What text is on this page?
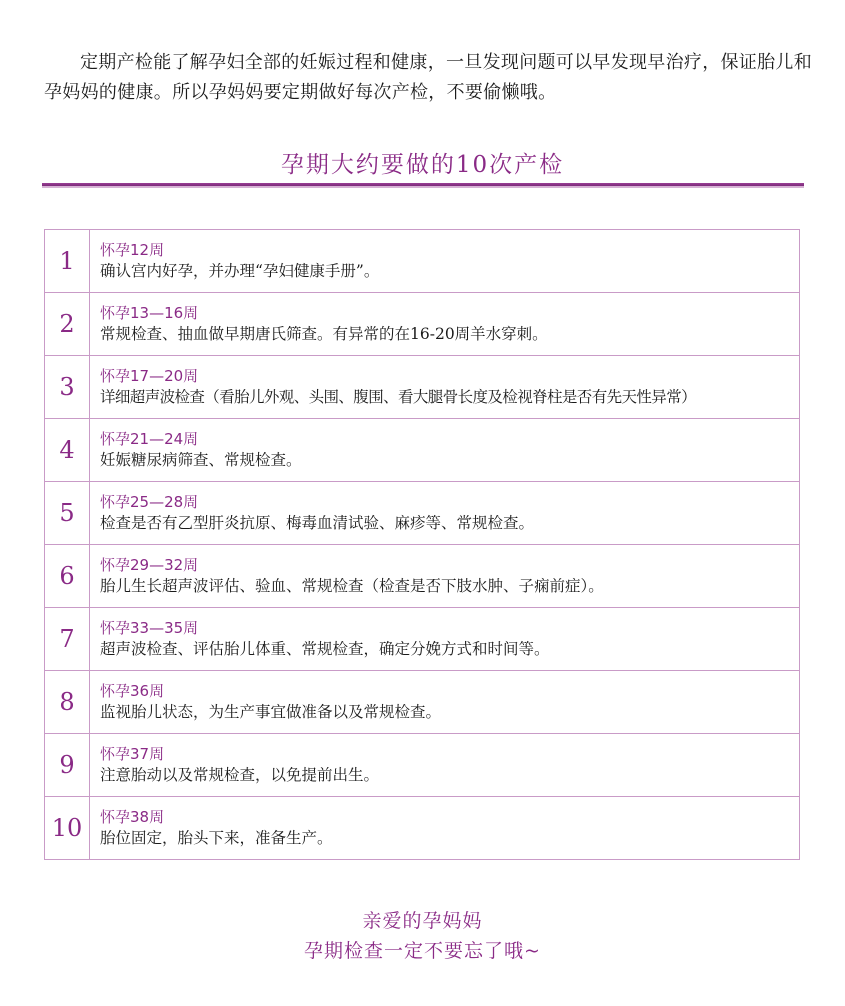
定期产检能了解孕妇全部的妊娠过程和健康，一旦发现问题可以早发现早治疗，保证胎儿和孕妈妈的健康。所以孕妈妈要定期做好每次产检，不要偷懒哦。

孕期大约要做的10次产检
1	怀孕12周
确认宫内好孕，并办理“孕妇健康手册”。

2	怀孕13—16周
常规检查、抽血做早期唐氏筛查。有异常的在16-20周羊水穿刺。

3	怀孕17—20周
详细超声波检查（看胎儿外观、头围、腹围、看大腿骨长度及检视脊柱是否有先天性异常）

4	怀孕21—24周
妊娠糖尿病筛查、常规检查。

5	怀孕25—28周
检查是否有乙型肝炎抗原、梅毒血清试验、麻疹等、常规检查。

6	怀孕29—32周
胎儿生长超声波评估、验血、常规检查（检查是否下肢水肿、子痫前症）。

7	怀孕33—35周
超声波检查、评估胎儿体重、常规检查，确定分娩方式和时间等。

8	怀孕36周
监视胎儿状态，为生产事宜做准备以及常规检查。

9	怀孕37周
注意胎动以及常规检查，以免提前出生。

10	怀孕38周
胎位固定，胎头下来，准备生产。
亲爱的孕妈妈
孕期检查一定不要忘了哦~
